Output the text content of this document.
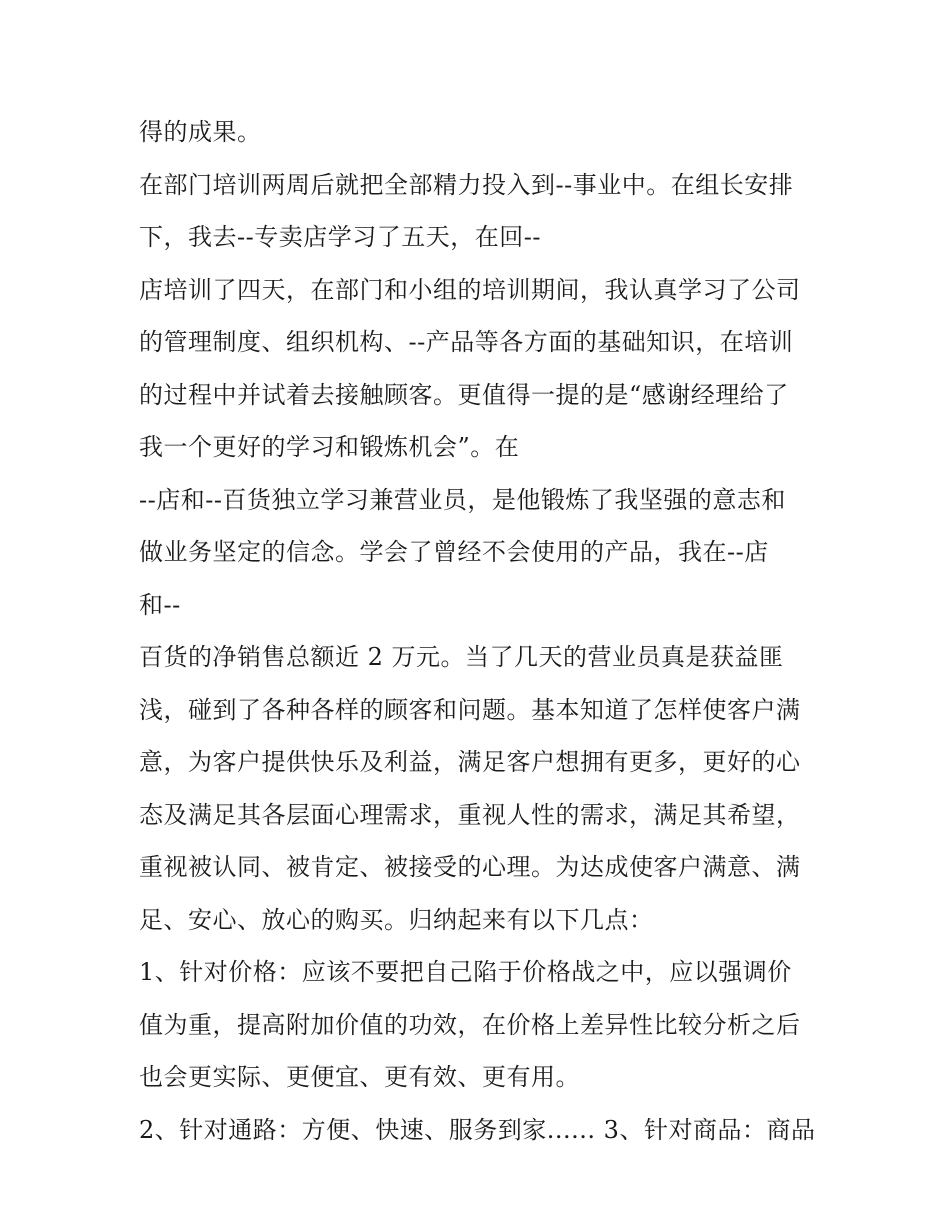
得的成果。
在部门培训两周后就把全部精力投入到--事业中。在组长安排
下，我去--专卖店学习了五天，在回--
店培训了四天，在部门和小组的培训期间，我认真学习了公司
的管理制度、组织机构、--产品等各方面的基础知识，在培训
的过程中并试着去接触顾客。更值得一提的是“感谢经理给了
我一个更好的学习和锻炼机会”。在
--店和--百货独立学习兼营业员，是他锻炼了我坚强的意志和
做业务坚定的信念。学会了曾经不会使用的产品，我在--店
和--
百货的净销售总额近 2 万元。当了几天的营业员真是获益匪
浅，碰到了各种各样的顾客和问题。基本知道了怎样使客户满
意，为客户提供快乐及利益，满足客户想拥有更多，更好的心
态及满足其各层面心理需求，重视人性的需求，满足其希望，
重视被认同、被肯定、被接受的心理。为达成使客户满意、满
足、安心、放心的购买。归纳起来有以下几点：
1、针对价格：应该不要把自己陷于价格战之中，应以强调价
值为重，提高附加价值的功效，在价格上差异性比较分析之后
也会更实际、更便宜、更有效、更有用。
2、针对通路：方便、快速、服务到家...... 3、针对商品：商品
